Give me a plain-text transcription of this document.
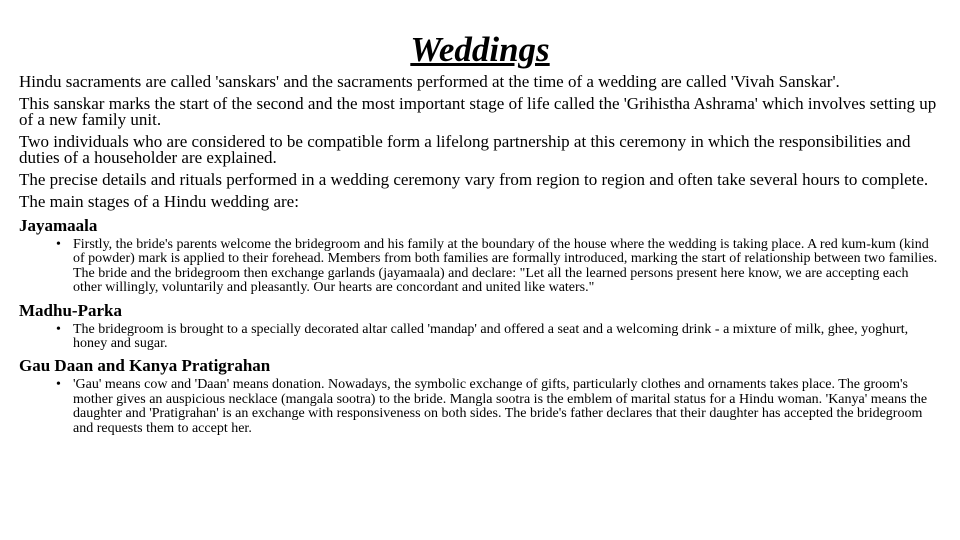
Weddings

Hindu sacraments are called 'sanskars' and the sacraments performed at the time of a wedding are called 'Vivah Sanskar'.

This sanskar marks the start of the second and the most important stage of life called the 'Grihistha Ashrama' which involves setting up of a new family unit.

Two individuals who are considered to be compatible form a lifelong partnership at this ceremony in which the responsibilities and duties of a householder are explained.

The precise details and rituals performed in a wedding ceremony vary from region to region and often take several hours to complete.

The main stages of a Hindu wedding are:

Jayamaala
• Firstly, the bride's parents welcome the bridegroom and his family at the boundary of the house where the wedding is taking place. A red kum-kum (kind of powder) mark is applied to their forehead. Members from both families are formally introduced, marking the start of relationship between two families. The bride and the bridegroom then exchange garlands (jayamaala) and declare: "Let all the learned persons present here know, we are accepting each other willingly, voluntarily and pleasantly. Our hearts are concordant and united like waters."
Madhu-Parka
• The bridegroom is brought to a specially decorated altar called 'mandap' and offered a seat and a welcoming drink - a mixture of milk, ghee, yoghurt, honey and sugar.
Gau Daan and Kanya Pratigrahan
• 'Gau' means cow and 'Daan' means donation. Nowadays, the symbolic exchange of gifts, particularly clothes and ornaments takes place. The groom's mother gives an auspicious necklace (mangala sootra) to the bride. Mangla sootra is the emblem of marital status for a Hindu woman. 'Kanya' means the daughter and 'Pratigrahan' is an exchange with responsiveness on both sides. The bride's father declares that their daughter has accepted the bridegroom and requests them to accept her.
